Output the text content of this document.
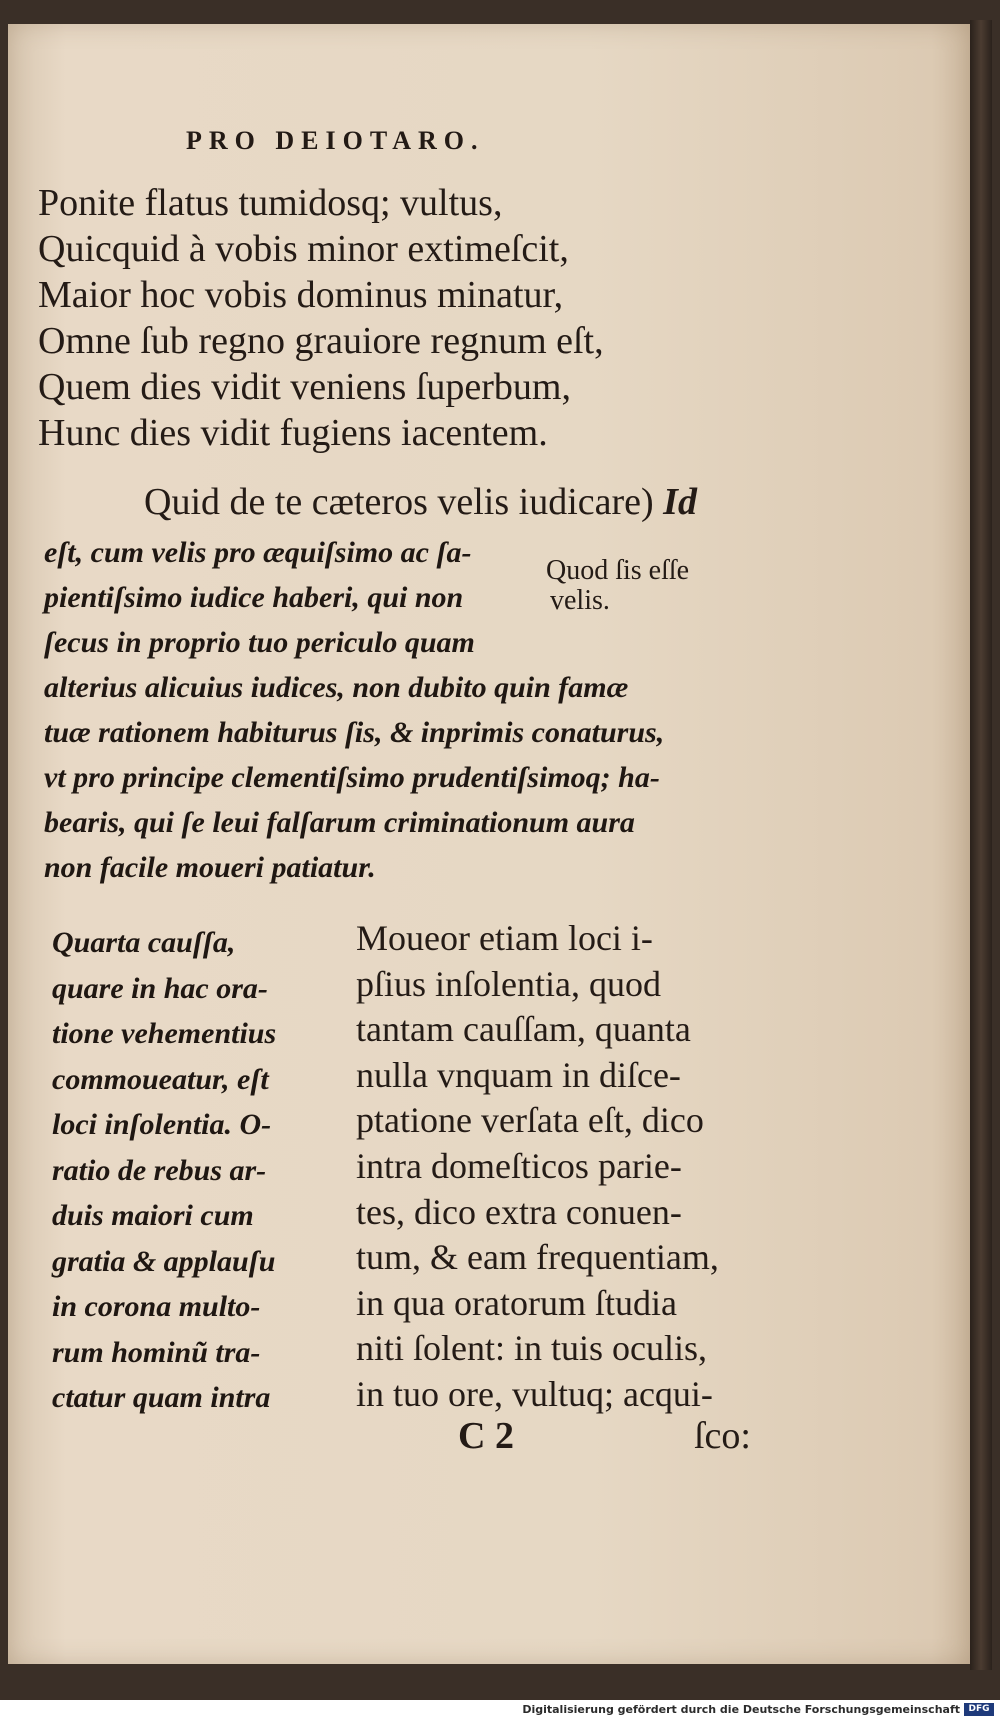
PRO DEIOTARO.
Ponite flatus tumidosq; vultus,
Quicquid à vobis minor extimeſcit,
Maior hoc vobis dominus minatur,
Omne ſub regno grauiore regnum eſt,
Quem dies vidit veniens ſuperbum,
Hunc dies vidit fugiens iacentem.
Quid de te cæteros velis iudicare) Id
eſt, cum velis pro æquiſsimo ac ſa-
pientiſsimo iudice haberi, qui non
ſecus in proprio tuo periculo quam
alterius alicuius iudices, non dubito quin famæ
tuæ rationem habiturus ſis, & inprimis conaturus,
vt pro principe clementiſsimo prudentiſsimoq; ha-
bearis, qui ſe leui falſarum criminationum aura
non facile moueri patiatur.
Quod ſis eſſe
velis.
Quarta cauſſa,
quare in hac ora-
tione vehementius
commoueatur, eſt
loci inſolentia. O-
ratio de rebus ar-
duis maiori cum
gratia & applauſu
in corona multo-
rum hominũ tra-
ctatur quam intra
Moueor etiam loci i-
pſius inſolentia, quod
tantam cauſſam, quanta
nulla vnquam in diſce-
ptatione verſata eſt, dico
intra domeſticos parie-
tes, dico extra conuen-
tum, & eam frequentiam,
in qua oratorum ſtudia
niti ſolent: in tuis oculis,
in tuo ore, vultuq; acqui-
C 2	ſco:
Digitalisierung gefördert durch die Deutsche Forschungsgemeinschaft DFG
